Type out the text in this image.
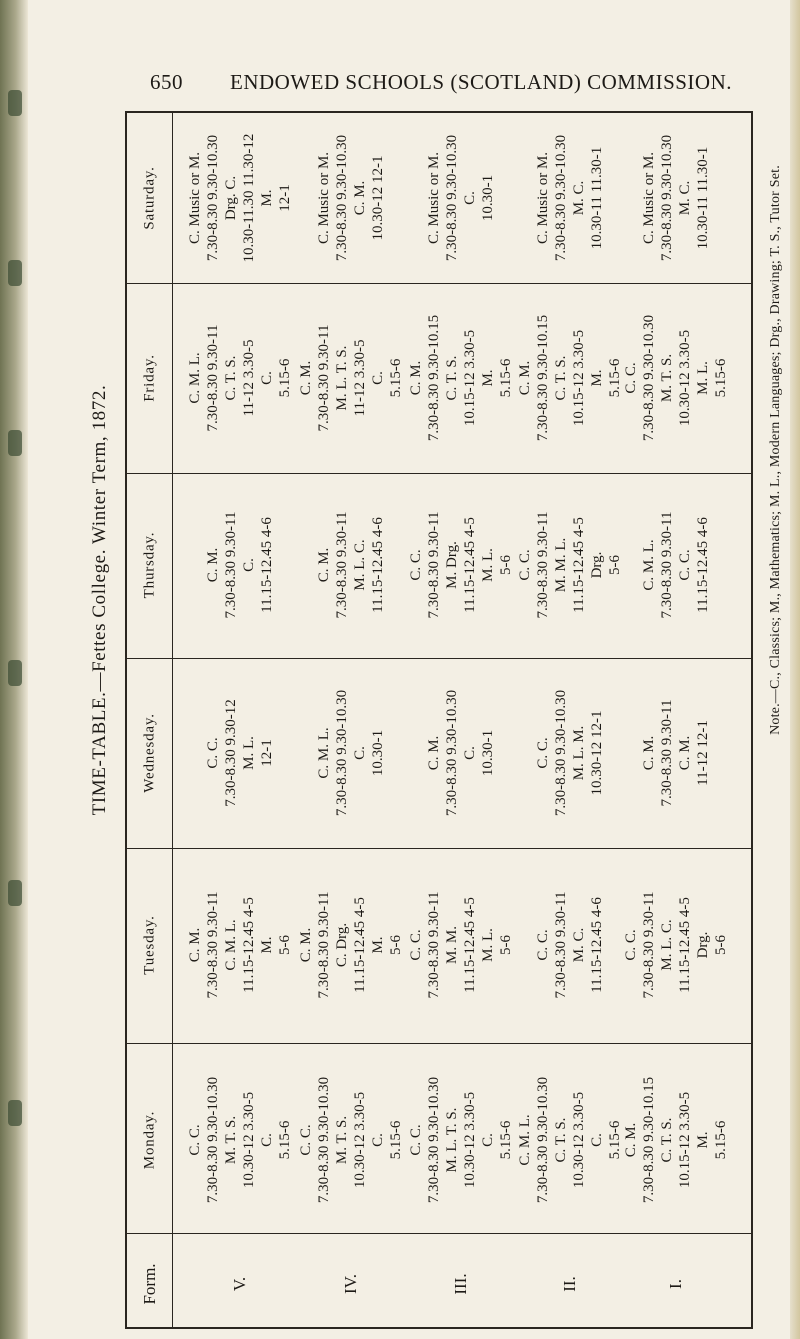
650 ENDOWED SCHOOLS (SCOTLAND) COMMISSION.
TIME-TABLE.—Fettes College. Winter Term, 1872.	Note.—C., Classics; M., Mathematics; M. L., Modern Languages; Drg., Drawing; T. S., Tutor Set.
Saturday.
Friday.
Thursday.
Wednesday.
Tuesday.
Monday.
Form.	V.
C. Music or M. 7.30-8.30 9.30-10.30 Drg. C. 10.30-11.30 11.30-12 M. 12-1
C. M. L. 7.30-8.30 9.30-11 C. T. S. 11-12 3.30-5 C. 5.15-6
C. M. 7.30-8.30 9.30-11 C. 11.15-12.45 4-6
C. C. 7.30-8.30 9.30-12 M. L. 12-1
C. M. 7.30-8.30 9.30-11 C. M. L. 11.15-12.45 4-5 M. 5-6
C. C. 7.30-8.30 9.30-10.30 M. T. S. 10.30-12 3.30-5 C. 5.15-6
IV.
C. Music or M. 7.30-8.30 9.30-10.30 C. M. 10.30-12 12-1
C. M. 7.30-8.30 9.30-11 M. L. T. S. 11-12 3.30-5 C. 5.15-6
C. M. 7.30-8.30 9.30-11 M. L. C. 11.15-12.45 4-6
C. M. L. 7.30-8.30 9.30-10.30 C. 10.30-1
C. M. 7.30-8.30 9.30-11 C. Drg. 11.15-12.45 4-5 M. 5-6
C. C. 7.30-8.30 9.30-10.30 M. T. S. 10.30-12 3.30-5 C. 5.15-6
III.
C. Music or M. 7.30-8.30 9.30-10.30 C. 10.30-1
C. M. 7.30-8.30 9.30-10.15 C. T. S. 10.15-12 3.30-5 M. 5.15-6
C. C. 7.30-8.30 9.30-11 M. Drg. 11.15-12.45 4-5 M. L. 5-6
C. M. 7.30-8.30 9.30-10.30 C. 10.30-1
C. C. 7.30-8.30 9.30-11 M. M. 11.15-12.45 4-5 M. L. 5-6
C. C. 7.30-8.30 9.30-10.30 M. L. T. S. 10.30-12 3.30-5 C. 5.15-6
II.
C. Music or M. 7.30-8.30 9.30-10.30 M. C. 10.30-11 11.30-1
C. M. 7.30-8.30 9.30-10.15 C. T. S. 10.15-12 3.30-5 M. 5.15-6
C. C. 7.30-8.30 9.30-11 M. M. L. 11.15-12.45 4-5 Drg. 5-6
C. C. 7.30-8.30 9.30-10.30 M. L. M. 10.30-12 12-1
C. C. 7.30-8.30 9.30-11 M. C. 11.15-12.45 4-6
C. M. L. 7.30-8.30 9.30-10.30 C. T. S. 10.30-12 3.30-5 C. 5.15-6
I.
C. Music or M. 7.30-8.30 9.30-10.30 M. C. 10.30-11 11.30-1
C. C. 7.30-8.30 9.30-10.30 M. T. S. 10.30-12 3.30-5 M. L. 5.15-6
C. M. L. 7.30-8.30 9.30-11 C. C. 11.15-12.45 4-6
C. M. 7.30-8.30 9.30-11 C. M. 11-12 12-1
C. C. 7.30-8.30 9.30-11 M. L. C. 11.15-12.45 4-5 Drg. 5-6
C. M. 7.30-8.30 9.30-10.15 C. T. S. 10.15-12 3.30-5 M. 5.15-6
